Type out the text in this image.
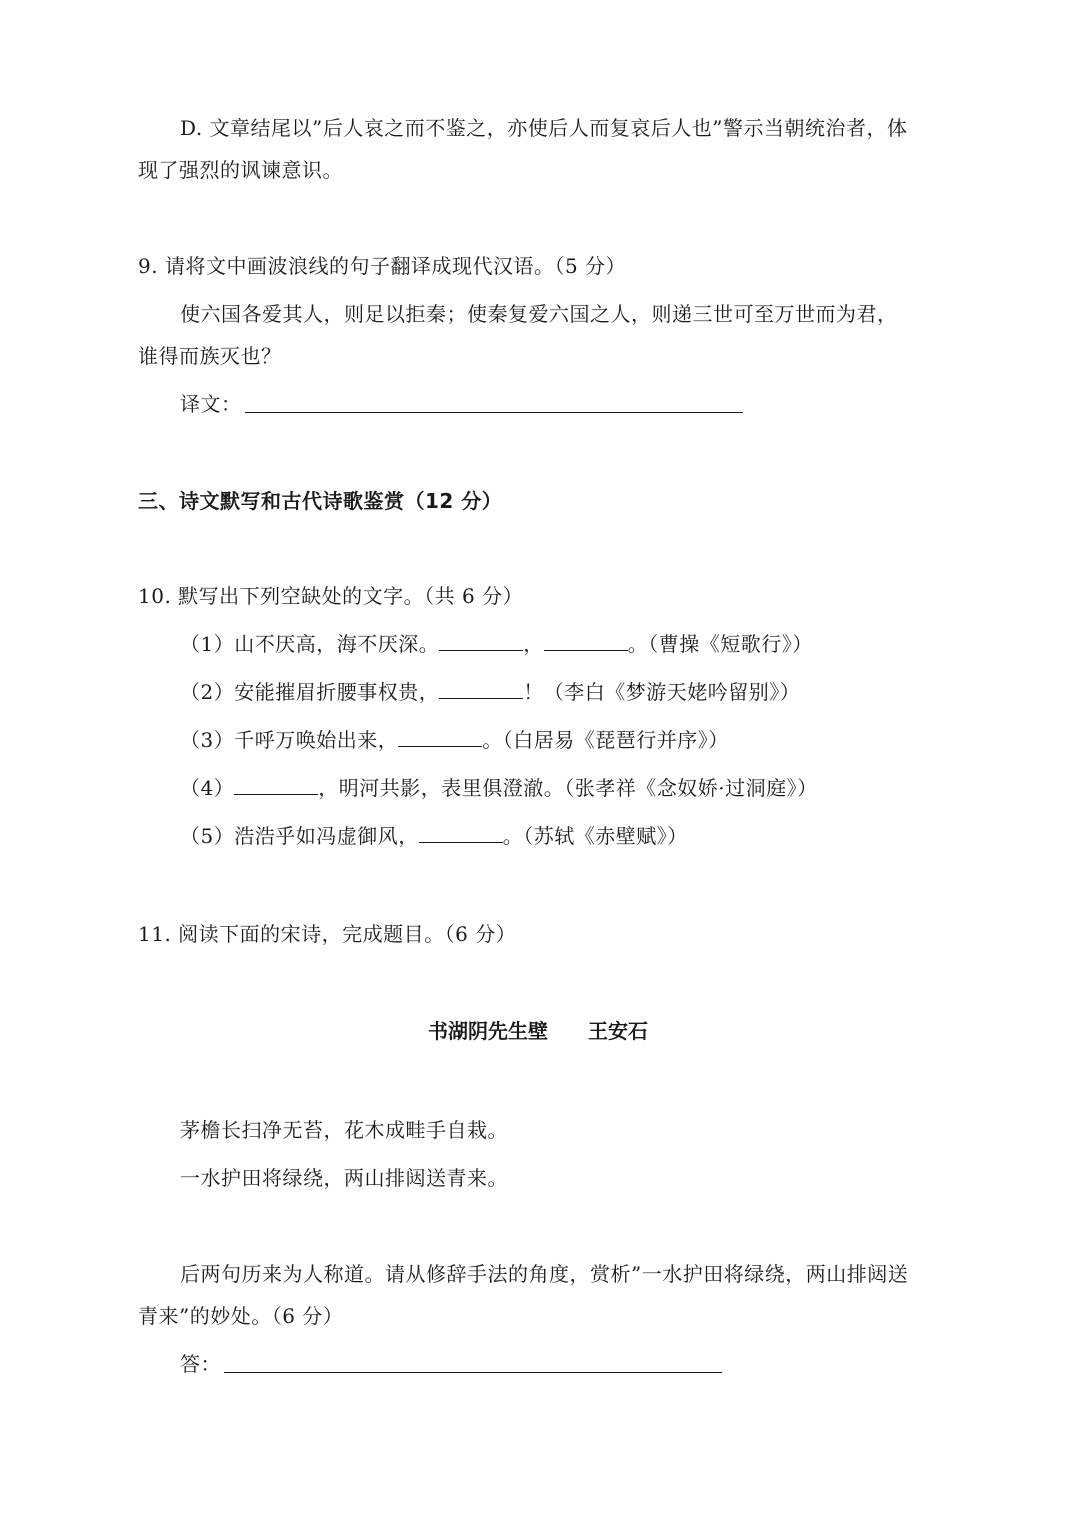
D. 文章结尾以”后人哀之而不鉴之，亦使后人而复哀后人也”警示当朝统治者，体
现了强烈的讽谏意识。
9. 请将文中画波浪线的句子翻译成现代汉语。（5 分）
使六国各爱其人，则足以拒秦；使秦复爱六国之人，则递三世可至万世而为君，
谁得而族灭也？
译文：
三、诗文默写和古代诗歌鉴赏（12 分）
10. 默写出下列空缺处的文字。（共 6 分）
（1）山不厌高，海不厌深。	，	。（曹操《短歌行》）
（2）安能摧眉折腰事权贵，	！（李白《梦游天姥吟留别》）
（3）千呼万唤始出来，	。（白居易《琵琶行并序》）
（4）	，明河共影，表里俱澄澈。（张孝祥《念奴娇·过洞庭》）
（5）浩浩乎如冯虚御风，	。（苏轼《赤壁赋》）
11. 阅读下面的宋诗，完成题目。（6 分）
书湖阴先生壁 王安石
茅檐长扫净无苔，花木成畦手自栽。
一水护田将绿绕，两山排闼送青来。
后两句历来为人称道。请从修辞手法的角度，赏析”一水护田将绿绕，两山排闼送
青来”的妙处。（6 分）
答：
